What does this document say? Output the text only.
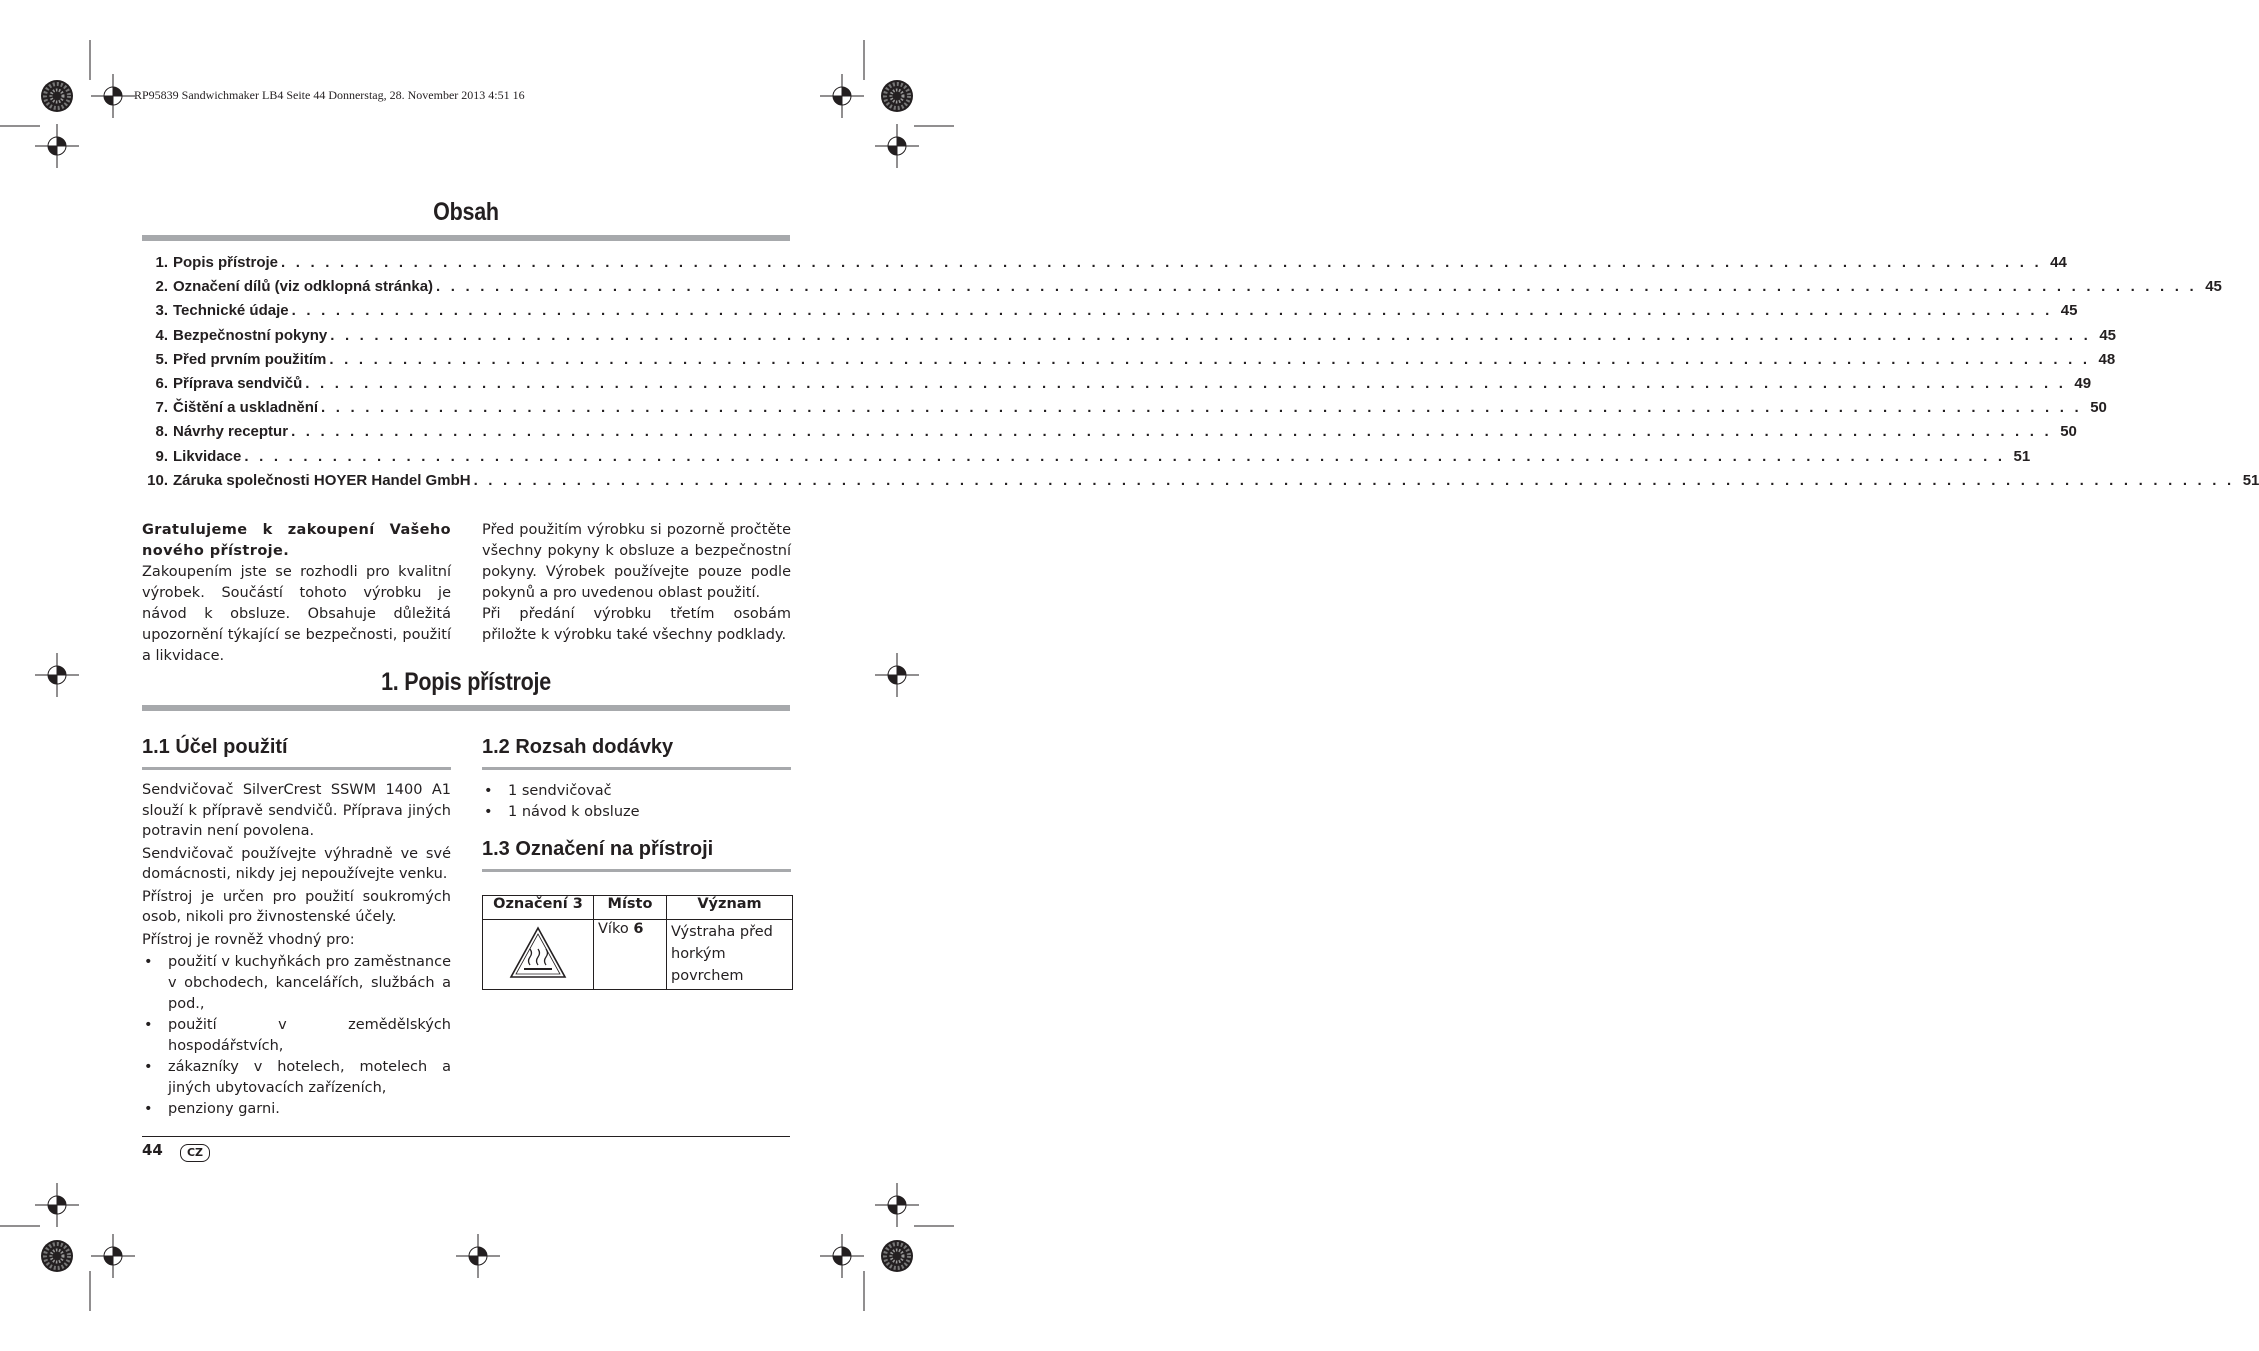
RP95839 Sandwichmaker LB4 Seite 44 Donnerstag, 28. November 2013 4:51 16
Obsah
1. Popis přístroje . . . . . . . . . . . . . . . . . . . . . . . . . . . . . . . . . . . . . . . . . . . . . . . . . . . . . . . . . . . . . . . . . . . . . . . . . . . . . . . . . . . . . . . . . . . . . . . . . . . . . . . . . . . . . . . . . . . . . . . . 44
2. Označení dílů (viz odklopná stránka) . . . . . . . . . . . . . . . . . . . . . . . . . . . . . . . . . . . . . . . . . . . . . . . . . . . . . . . . . . . . . . . . . . . . . . . . . . . . . . . . . . . . . . . . . . . . . . . . . . . . . . . . . . . . . . . . . . . . . . . . 45
3. Technické údaje . . . . . . . . . . . . . . . . . . . . . . . . . . . . . . . . . . . . . . . . . . . . . . . . . . . . . . . . . . . . . . . . . . . . . . . . . . . . . . . . . . . . . . . . . . . . . . . . . . . . . . . . . . . . . . . . . . . . . . . . 45
4. Bezpečnostní pokyny . . . . . . . . . . . . . . . . . . . . . . . . . . . . . . . . . . . . . . . . . . . . . . . . . . . . . . . . . . . . . . . . . . . . . . . . . . . . . . . . . . . . . . . . . . . . . . . . . . . . . . . . . . . . . . . . . . . . . . . . 45
5. Před prvním použitím . . . . . . . . . . . . . . . . . . . . . . . . . . . . . . . . . . . . . . . . . . . . . . . . . . . . . . . . . . . . . . . . . . . . . . . . . . . . . . . . . . . . . . . . . . . . . . . . . . . . . . . . . . . . . . . . . . . . . . . . 48
6. Příprava sendvičů . . . . . . . . . . . . . . . . . . . . . . . . . . . . . . . . . . . . . . . . . . . . . . . . . . . . . . . . . . . . . . . . . . . . . . . . . . . . . . . . . . . . . . . . . . . . . . . . . . . . . . . . . . . . . . . . . . . . . . . . 49
7. Čištění a uskladnění . . . . . . . . . . . . . . . . . . . . . . . . . . . . . . . . . . . . . . . . . . . . . . . . . . . . . . . . . . . . . . . . . . . . . . . . . . . . . . . . . . . . . . . . . . . . . . . . . . . . . . . . . . . . . . . . . . . . . . . . 50
8. Návrhy receptur . . . . . . . . . . . . . . . . . . . . . . . . . . . . . . . . . . . . . . . . . . . . . . . . . . . . . . . . . . . . . . . . . . . . . . . . . . . . . . . . . . . . . . . . . . . . . . . . . . . . . . . . . . . . . . . . . . . . . . . . 50
9. Likvidace . . . . . . . . . . . . . . . . . . . . . . . . . . . . . . . . . . . . . . . . . . . . . . . . . . . . . . . . . . . . . . . . . . . . . . . . . . . . . . . . . . . . . . . . . . . . . . . . . . . . . . . . . . . . . . . . . . . . . . . . 51
10. Záruka společnosti HOYER Handel GmbH . . . . . . . . . . . . . . . . . . . . . . . . . . . . . . . . . . . . . . . . . . . . . . . . . . . . . . . . . . . . . . . . . . . . . . . . . . . . . . . . . . . . . . . . . . . . . . . . . . . . . . . . . . . . . . . . . . . . . . . . 51
Gratulujeme k zakoupení Vašeho nového přístroje.
Zakoupením jste se rozhodli pro kvalitní výrobek. Součástí tohoto výrobku je návod k obsluze. Obsahuje důležitá upozornění týkající se bezpečnosti, použití a likvidace.
Před použitím výrobku si pozorně pročtěte všechny pokyny k obsluze a bezpečnostní pokyny. Výrobek používejte pouze podle pokynů a pro uvedenou oblast použití.
Při předání výrobku třetím osobám přiložte k výrobku také všechny podklady.
1. Popis přístroje
1.1 Účel použití
Sendvičovač SilverCrest SSWM 1400 A1 slouží k přípravě sendvičů. Příprava jiných potravin není povolena.
Sendvičovač používejte výhradně ve své domácnosti, nikdy jej nepoužívejte venku.
Přístroj je určen pro použití soukromých osob, nikoli pro živnostenské účely.
Přístroj je rovněž vhodný pro:
• použití v kuchyňkách pro zaměstnance v obchodech, kancelářích, službách a pod.,
• použití v zemědělských hospodářstvích,
• zákazníky v hotelech, motelech a jiných ubytovacích zařízeních,
• penziony garni.
1.2 Rozsah dodávky
• 1 sendvičovač
• 1 návod k obsluze
1.3 Označení na přístroji
Označení 3	Místo	Význam
	Víko 6	Výstraha před horkým povrchem
44	CZ
